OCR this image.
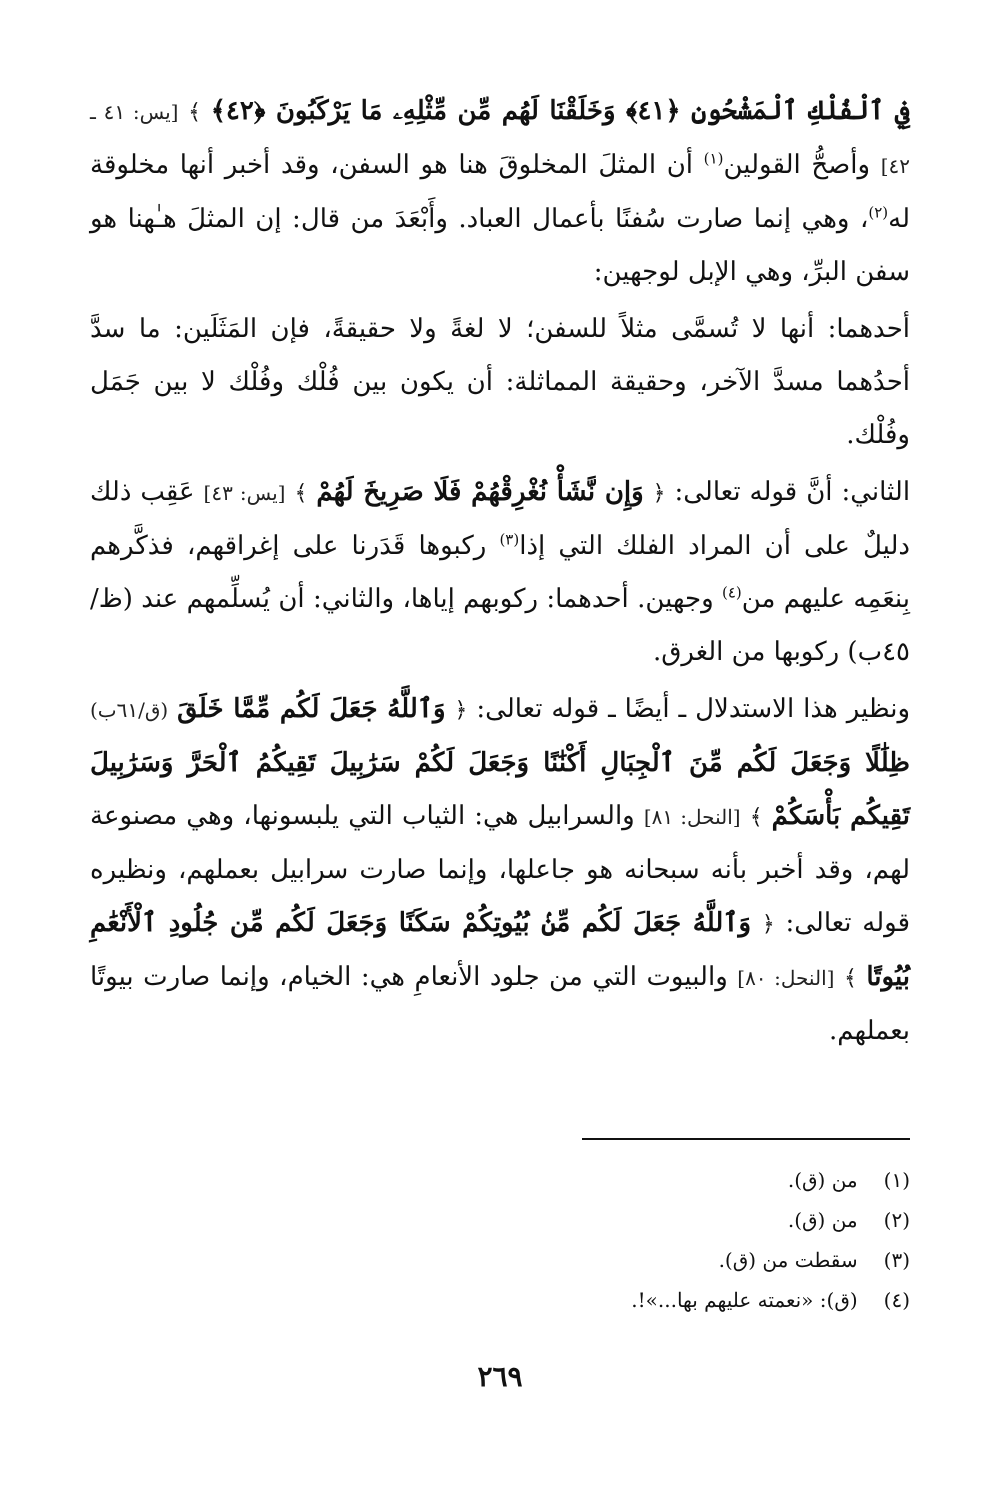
فِي ٱلْفُلْكِ ٱلْمَشْحُونِ ﴿٤١﴾ وَخَلَقْنَا لَهُم مِّن مِّثْلِهِۦ مَا يَرْكَبُونَ ﴿٤٢﴾ ﴾ [يس: ٤١ ـ ٤٢] وأصحُّ القولين$^{(١)}$ أن المثلَ المخلوقَ هنا هو السفن، وقد أخبر أنها مخلوقة له$^{(٢)}$، وهي إنما صارت سُفنًا بأعمال العباد. وأَبْعَدَ من قال: إن المثلَ هـٰهنا هو سفن البرِّ، وهي الإبل لوجهين:

أحدهما: أنها لا تُسمَّى مثلاً للسفن؛ لا لغةً ولا حقيقةً، فإن المَثَلَين: ما سدَّ أحدُهما مسدَّ الآخر، وحقيقة المماثلة: أن يكون بين فُلْك وفُلْك لا بين جَمَل وفُلْك.

الثاني: أنَّ قوله تعالى: ﴿ وَإِن نَّشَأْ نُغْرِقْهُمْ فَلَا صَرِيخَ لَهُمْ ﴾ [يس: ٤٣] عَقِب ذلك دليلٌ على أن المراد الفلك التي إذا$^{(٣)}$ ركبوها قَدَرنا على إغراقهم، فذكَّرهم بِنعَمِه عليهم من$^{(٤)}$ وجهين. أحدهما: ركوبهم إياها، والثاني: أن يُسلِّمهم عند (ظ/٤٥ب) ركوبها من الغرق.

ونظير هذا الاستدلال ـ أيضًا ـ قوله تعالى: ﴿ وَٱللَّهُ جَعَلَ لَكُم مِّمَّا خَلَقَ (ق/٦١ب) ظِلَٰلًا وَجَعَلَ لَكُم مِّنَ ٱلْجِبَالِ أَكْنَٰنًا وَجَعَلَ لَكُمْ سَرَٰبِيلَ تَقِيكُمُ ٱلْحَرَّ وَسَرَٰبِيلَ تَقِيكُم بَأْسَكُمْ ﴾ [النحل: ٨١] والسرابيل هي: الثياب التي يلبسونها، وهي مصنوعة لهم، وقد أخبر بأنه سبحانه هو جاعلها، وإنما صارت سرابيل بعملهم، ونظيره قوله تعالى: ﴿ وَٱللَّهُ جَعَلَ لَكُم مِّنۢ بُيُوتِكُمْ سَكَنًا وَجَعَلَ لَكُم مِّن جُلُودِ ٱلْأَنْعَٰمِ بُيُوتًا ﴾ [النحل: ٨٠] والبيوت التي من جلود الأنعامِ هي: الخيام، وإنما صارت بيوتًا بعملهم.

(١) من (ق).

(٢) من (ق).

(٣) سقطت من (ق).

(٤) (ق): «نعمته عليهم بها...»!.

٢٦٩
